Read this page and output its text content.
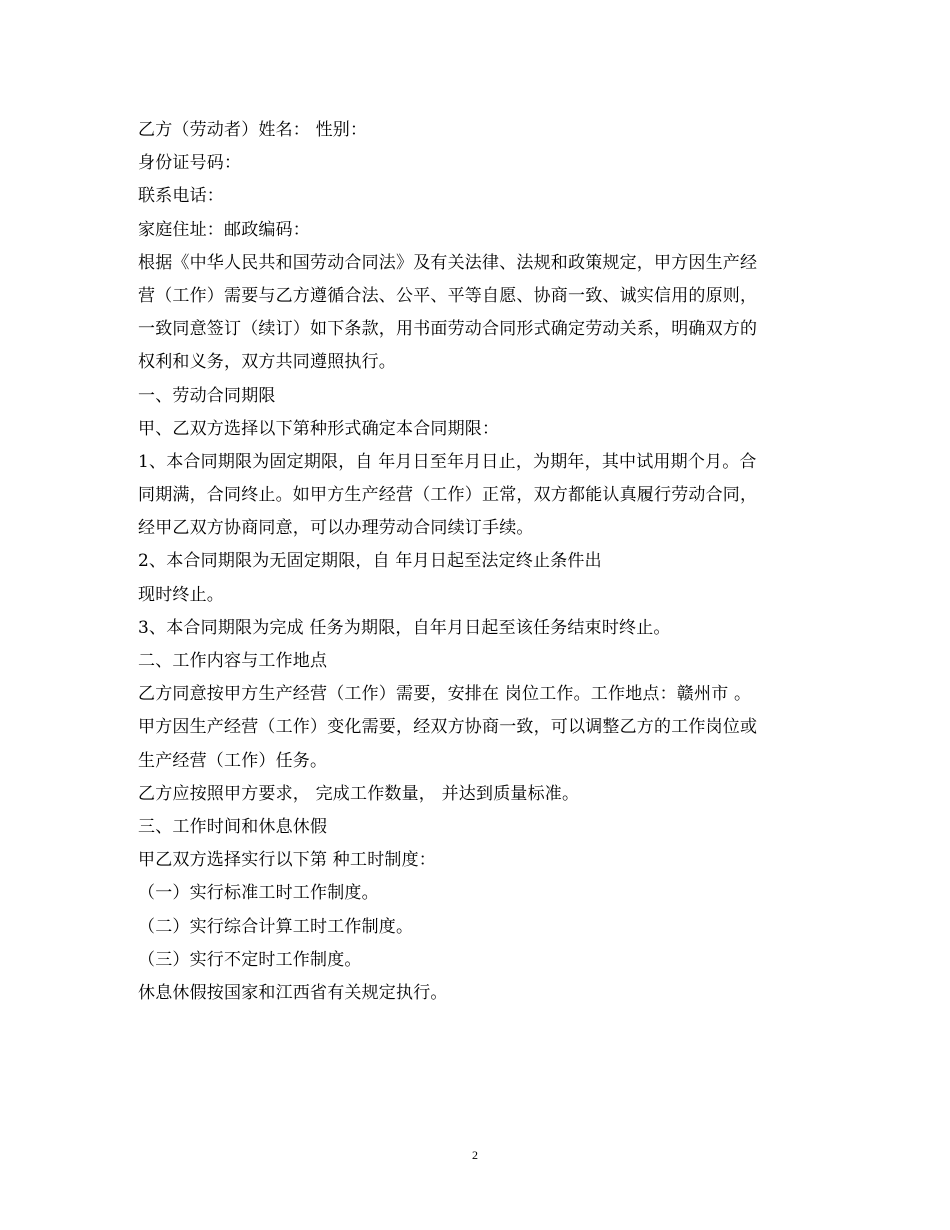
乙方（劳动者）姓名： 性别：
身份证号码：
联系电话：
家庭住址：邮政编码：
根据《中华人民共和国劳动合同法》及有关法律、法规和政策规定，甲方因生产经
营（工作）需要与乙方遵循合法、公平、平等自愿、协商一致、诚实信用的原则，
一致同意签订（续订）如下条款，用书面劳动合同形式确定劳动关系，明确双方的
权利和义务，双方共同遵照执行。
一、劳动合同期限
甲、乙双方选择以下第种形式确定本合同期限：
1、本合同期限为固定期限，自 年月日至年月日止，为期年，其中试用期个月。合
同期满，合同终止。如甲方生产经营（工作）正常，双方都能认真履行劳动合同，
经甲乙双方协商同意，可以办理劳动合同续订手续。
2、本合同期限为无固定期限，自 年月日起至法定终止条件出
现时终止。
3、本合同期限为完成 任务为期限，自年月日起至该任务结束时终止。
二、工作内容与工作地点
乙方同意按甲方生产经营（工作）需要，安排在 岗位工作。工作地点：赣州市 。
甲方因生产经营（工作）变化需要，经双方协商一致，可以调整乙方的工作岗位或
生产经营（工作）任务。
乙方应按照甲方要求， 完成工作数量， 并达到质量标准。
三、工作时间和休息休假
甲乙双方选择实行以下第 种工时制度：
（一）实行标准工时工作制度。
（二）实行综合计算工时工作制度。
（三）实行不定时工作制度。
休息休假按国家和江西省有关规定执行。
2
